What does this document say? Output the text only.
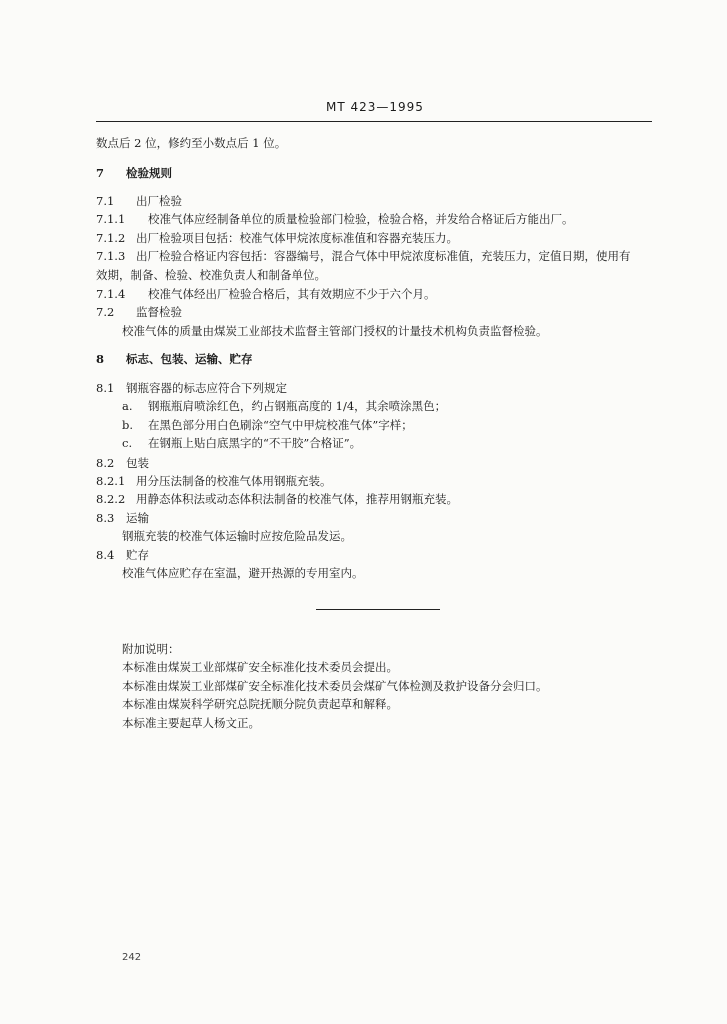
MT 423—1995
数点后 2 位，修约至小数点后 1 位。
7 检验规则
7.1 出厂检验
7.1.1 校准气体应经制备单位的质量检验部门检验，检验合格，并发给合格证后方能出厂。
7.1.2 出厂检验项目包括：校准气体甲烷浓度标准值和容器充装压力。
7.1.3 出厂检验合格证内容包括：容器编号，混合气体中甲烷浓度标准值，充装压力，定值日期，使用有
效期，制备、检验、校准负责人和制备单位。
7.1.4 校准气体经出厂检验合格后，其有效期应不少于六个月。
7.2 监督检验
校准气体的质量由煤炭工业部技术监督主管部门授权的计量技术机构负责监督检验。
8 标志、包装、运输、贮存
8.1 钢瓶容器的标志应符合下列规定
a. 钢瓶瓶肩喷涂红色，约占钢瓶高度的 1/4，其余喷涂黑色；
b. 在黑色部分用白色刷涂“空气中甲烷校准气体”字样；
c. 在钢瓶上贴白底黑字的“不干胶”合格证”。
8.2 包装
8.2.1 用分压法制备的校准气体用钢瓶充装。
8.2.2 用静态体积法或动态体积法制备的校准气体，推荐用钢瓶充装。
8.3 运输
钢瓶充装的校准气体运输时应按危险品发运。
8.4 贮存
校准气体应贮存在室温，避开热源的专用室内。
附加说明：
本标准由煤炭工业部煤矿安全标准化技术委员会提出。
本标准由煤炭工业部煤矿安全标准化技术委员会煤矿气体检测及救护设备分会归口。
本标准由煤炭科学研究总院抚顺分院负责起草和解释。
本标准主要起草人杨文正。
242
